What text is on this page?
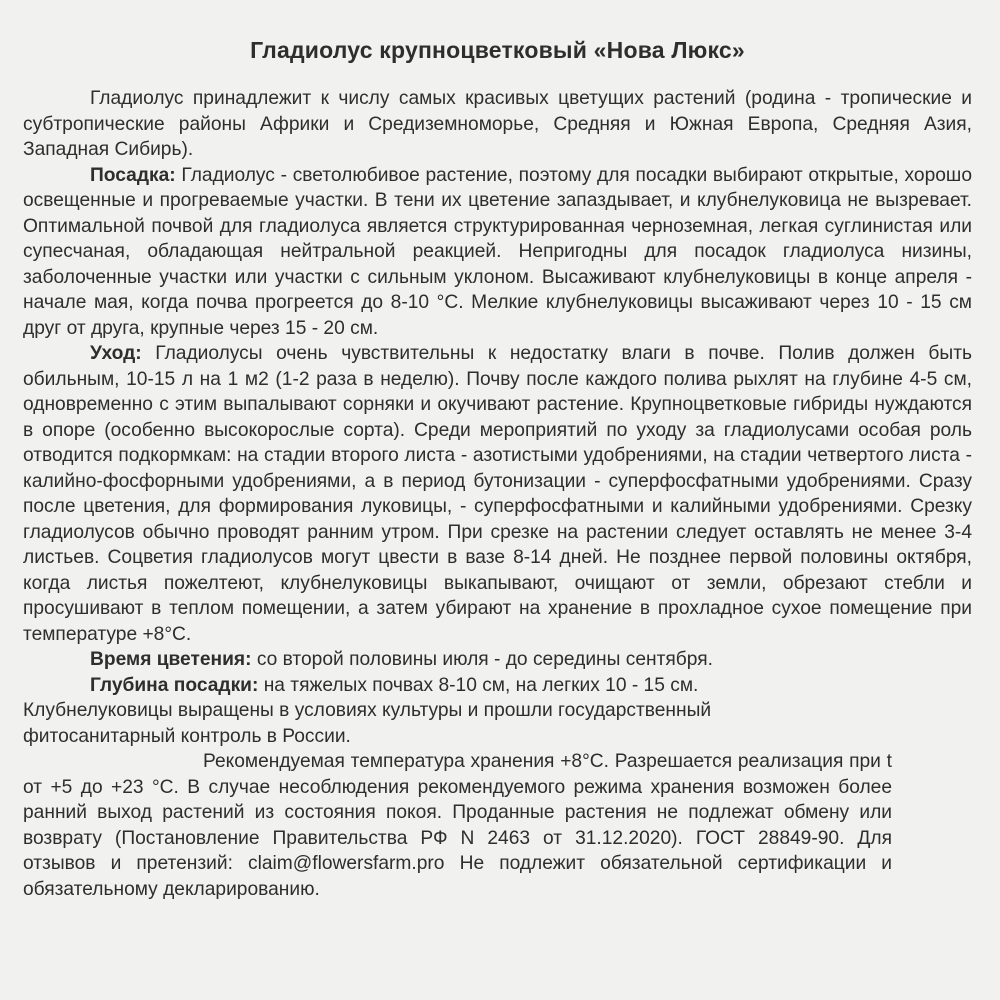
Гладиолус крупноцветковый «Нова Люкс»

Гладиолус принадлежит к числу самых красивых цветущих растений (родина - тропические и субтропические районы Африки и Средиземноморье, Средняя и Южная Европа, Средняя Азия, Западная Сибирь).

Посадка: Гладиолус - светолюбивое растение, поэтому для посадки выбирают открытые, хорошо освещенные и прогреваемые участки. В тени их цветение запаздывает, и клубнелуковица не вызревает. Оптимальной почвой для гладиолуса является структурированная черноземная, легкая суглинистая или супесчаная, обладающая нейтральной реакцией. Непригодны для посадок гладиолуса низины, заболоченные участки или участки с сильным уклоном. Высаживают клубнелуковицы в конце апреля - начале мая, когда почва прогреется до 8-10 °С. Мелкие клубнелуковицы высаживают через 10 - 15 см друг от друга, крупные через 15 - 20 см.

Уход: Гладиолусы очень чувствительны к недостатку влаги в почве. Полив должен быть обильным, 10-15 л на 1 м2 (1-2 раза в неделю). Почву после каждого полива рыхлят на глубине 4-5 см, одновременно с этим выпалывают сорняки и окучивают растение. Крупноцветковые гибриды нуждаются в опоре (особенно высокорослые сорта). Среди мероприятий по уходу за гладиолусами особая роль отводится подкормкам: на стадии второго листа - азотистыми удобрениями, на стадии четвертого листа - калийно-фосфорными удобрениями, а в период бутонизации - суперфосфатными удобрениями. Сразу после цветения, для формирования луковицы, - суперфосфатными и калийными удобрениями. Срезку гладиолусов обычно проводят ранним утром. При срезке на растении следует оставлять не менее 3-4 листьев. Соцветия гладиолусов могут цвести в вазе 8-14 дней. Не позднее первой половины октября, когда листья пожелтеют, клубнелуковицы выкапывают, очищают от земли, обрезают стебли и просушивают в теплом помещении, а затем убирают на хранение в прохладное сухое помещение при температуре +8°С.

Время цветения: со второй половины июля - до середины сентября.

Глубина посадки: на тяжелых почвах 8-10 см, на легких 10 - 15 см.

Клубнелуковицы выращены в условиях культуры и прошли государственный фитосанитарный контроль в России.

Рекомендуемая температура хранения +8°С. Разрешается реализация при t от +5 до +23 °С. В случае несоблюдения рекомендуемого режима хранения возможен более ранний выход растений из состояния покоя. Проданные растения не подлежат обмену или возврату (Постановление Правительства РФ N 2463 от 31.12.2020). ГОСТ 28849-90. Для отзывов и претензий: claim@flowersfarm.pro Не подлежит обязательной сертификации и обязательному декларированию.
